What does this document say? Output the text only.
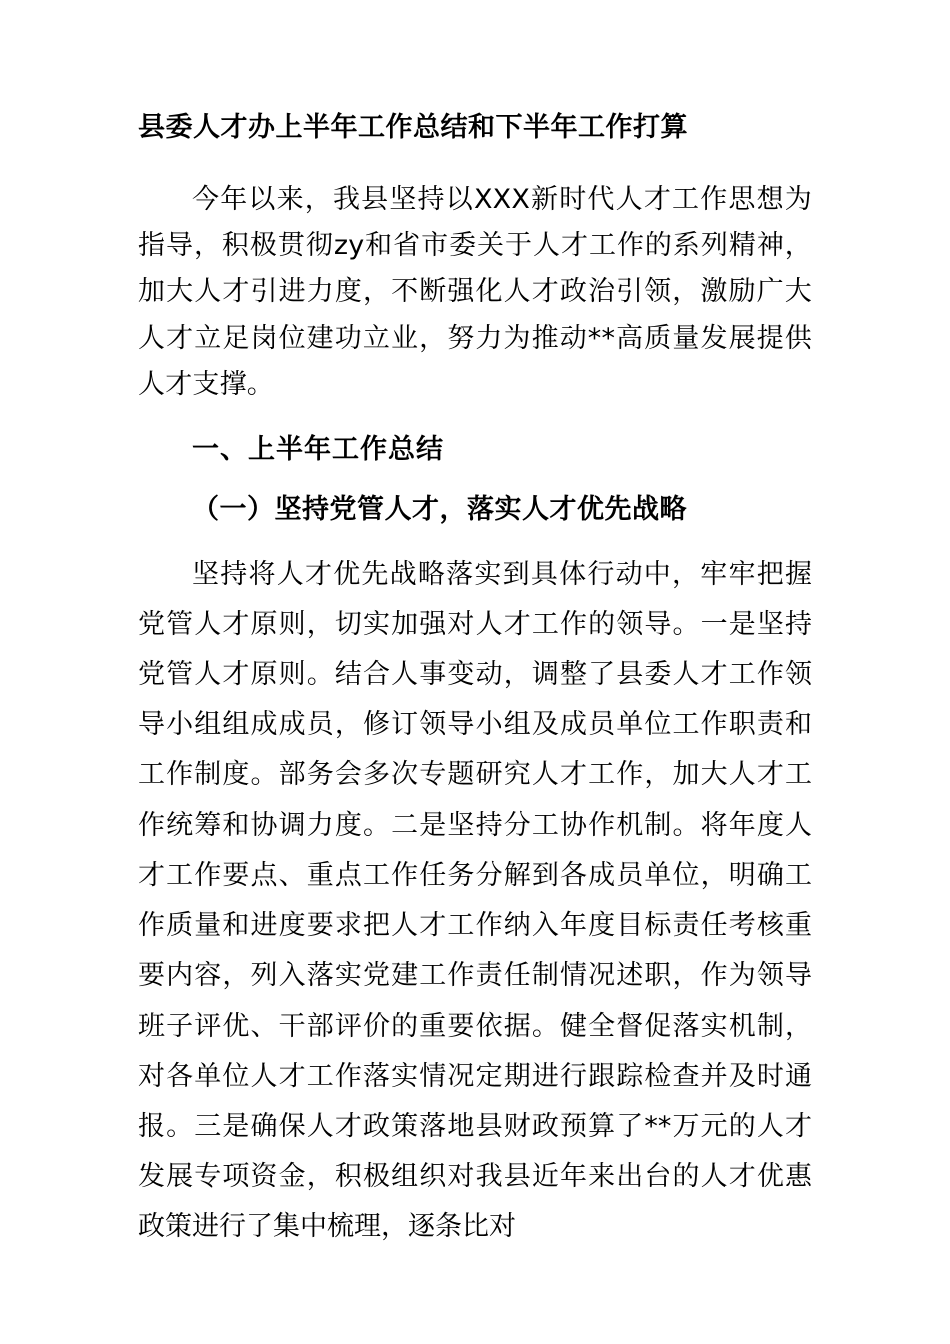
县委人才办上半年工作总结和下半年工作打算

今年以来，我县坚持以XXX新时代人才工作思想为指导，积极贯彻zy和省市委关于人才工作的系列精神，加大人才引进力度，不断强化人才政治引领，激励广大人才立足岗位建功立业，努力为推动**高质量发展提供人才支撑。

一、上半年工作总结
（一）坚持党管人才，落实人才优先战略

坚持将人才优先战略落实到具体行动中，牢牢把握党管人才原则，切实加强对人才工作的领导。一是坚持党管人才原则。结合人事变动，调整了县委人才工作领导小组组成成员，修订领导小组及成员单位工作职责和工作制度。部务会多次专题研究人才工作，加大人才工作统筹和协调力度。二是坚持分工协作机制。将年度人才工作要点、重点工作任务分解到各成员单位，明确工作质量和进度要求把人才工作纳入年度目标责任考核重要内容，列入落实党建工作责任制情况述职，作为领导班子评优、干部评价的重要依据。健全督促落实机制，对各单位人才工作落实情况定期进行跟踪检查并及时通报。三是确保人才政策落地县财政预算了**万元的人才发展专项资金，积极组织对我县近年来出台的人才优惠政策进行了集中梳理，逐条比对
